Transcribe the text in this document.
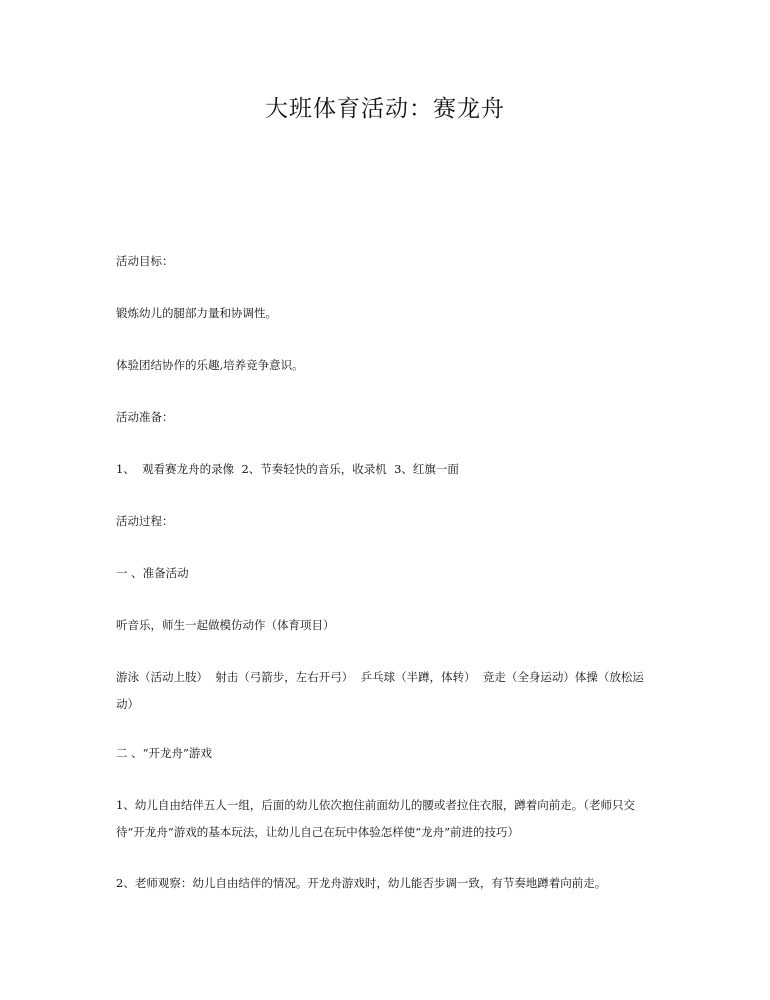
大班体育活动：赛龙舟
活动目标：
锻炼幼儿的腿部力量和协调性。
体验团结协作的乐趣,培养竞争意识。
活动准备：
1、  观看赛龙舟的录像  2、节奏轻快的音乐，收录机  3、红旗一面
活动过程：
一 、准备活动
听音乐，师生一起做模仿动作（体育项目）
游泳（活动上肢）  射击（弓箭步，左右开弓）  乒乓球（半蹲，体转）  竞走（全身运动）体操（放松运动）
二 、“开龙舟”游戏
1、幼儿自由结伴五人一组，后面的幼儿依次抱住前面幼儿的腰或者拉住衣服，蹲着向前走。（老师只交待“开龙舟”游戏的基本玩法，让幼儿自己在玩中体验怎样使“龙舟”前进的技巧）
2、老师观察：幼儿自由结伴的情况。开龙舟游戏时，幼儿能否步调一致，有节奏地蹲着向前走。
